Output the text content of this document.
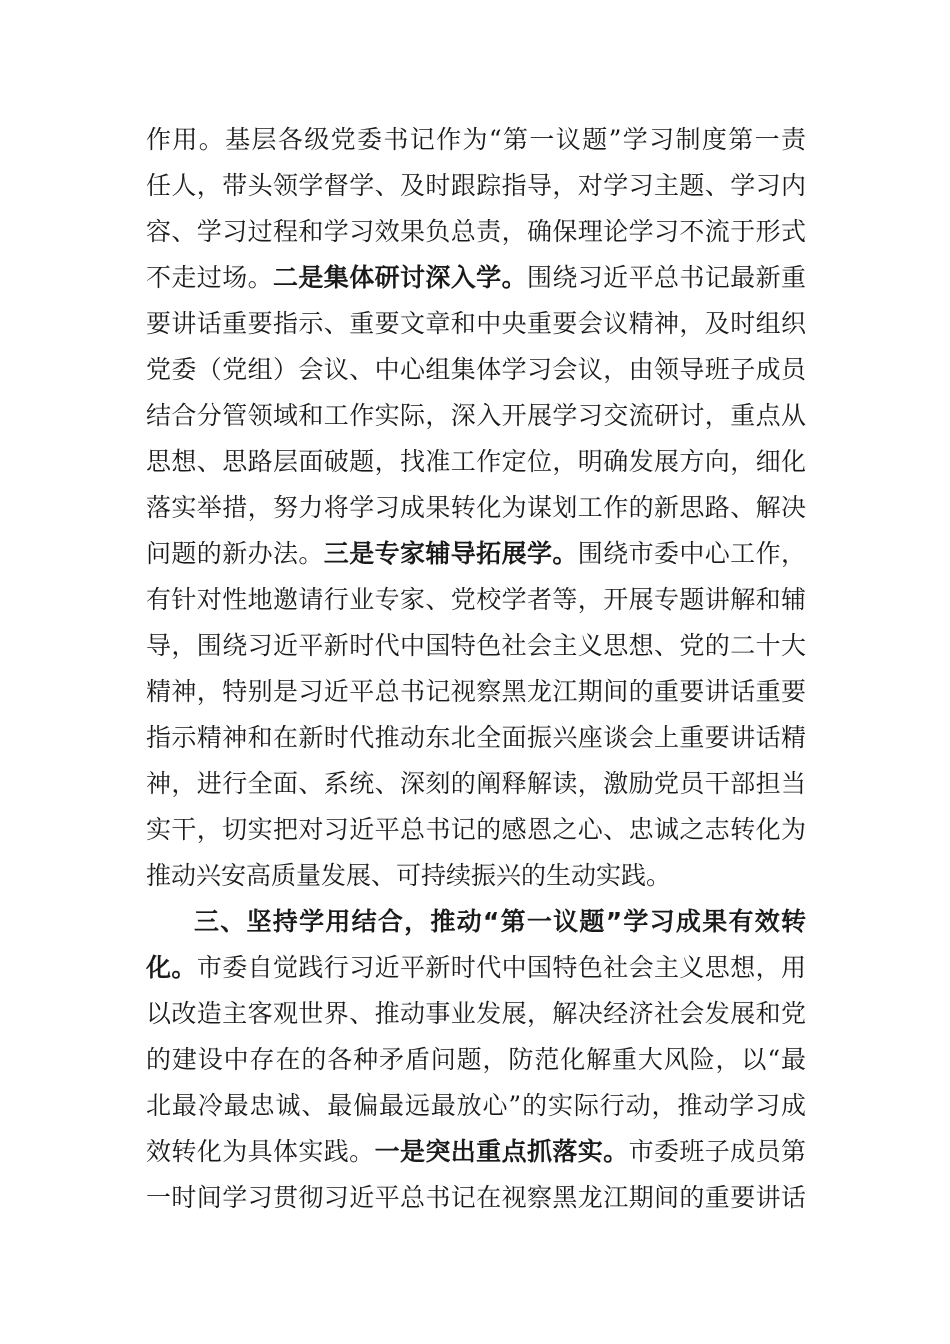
作用。基层各级党委书记作为“第一议题”学习制度第一责
任人，带头领学督学、及时跟踪指导，对学习主题、学习内
容、学习过程和学习效果负总责，确保理论学习不流于形式
不走过场。二是集体研讨深入学。围绕习近平总书记最新重
要讲话重要指示、重要文章和中央重要会议精神，及时组织
党委（党组）会议、中心组集体学习会议，由领导班子成员
结合分管领域和工作实际，深入开展学习交流研讨，重点从
思想、思路层面破题，找准工作定位，明确发展方向，细化
落实举措，努力将学习成果转化为谋划工作的新思路、解决
问题的新办法。三是专家辅导拓展学。围绕市委中心工作，
有针对性地邀请行业专家、党校学者等，开展专题讲解和辅
导，围绕习近平新时代中国特色社会主义思想、党的二十大
精神，特别是习近平总书记视察黑龙江期间的重要讲话重要
指示精神和在新时代推动东北全面振兴座谈会上重要讲话精
神，进行全面、系统、深刻的阐释解读，激励党员干部担当
实干，切实把对习近平总书记的感恩之心、忠诚之志转化为
推动兴安高质量发展、可持续振兴的生动实践。
三、坚持学用结合，推动“第一议题”学习成果有效转
化。市委自觉践行习近平新时代中国特色社会主义思想，用
以改造主客观世界、推动事业发展，解决经济社会发展和党
的建设中存在的各种矛盾问题，防范化解重大风险，以“最
北最冷最忠诚、最偏最远最放心”的实际行动，推动学习成
效转化为具体实践。一是突出重点抓落实。市委班子成员第
一时间学习贯彻习近平总书记在视察黑龙江期间的重要讲话
